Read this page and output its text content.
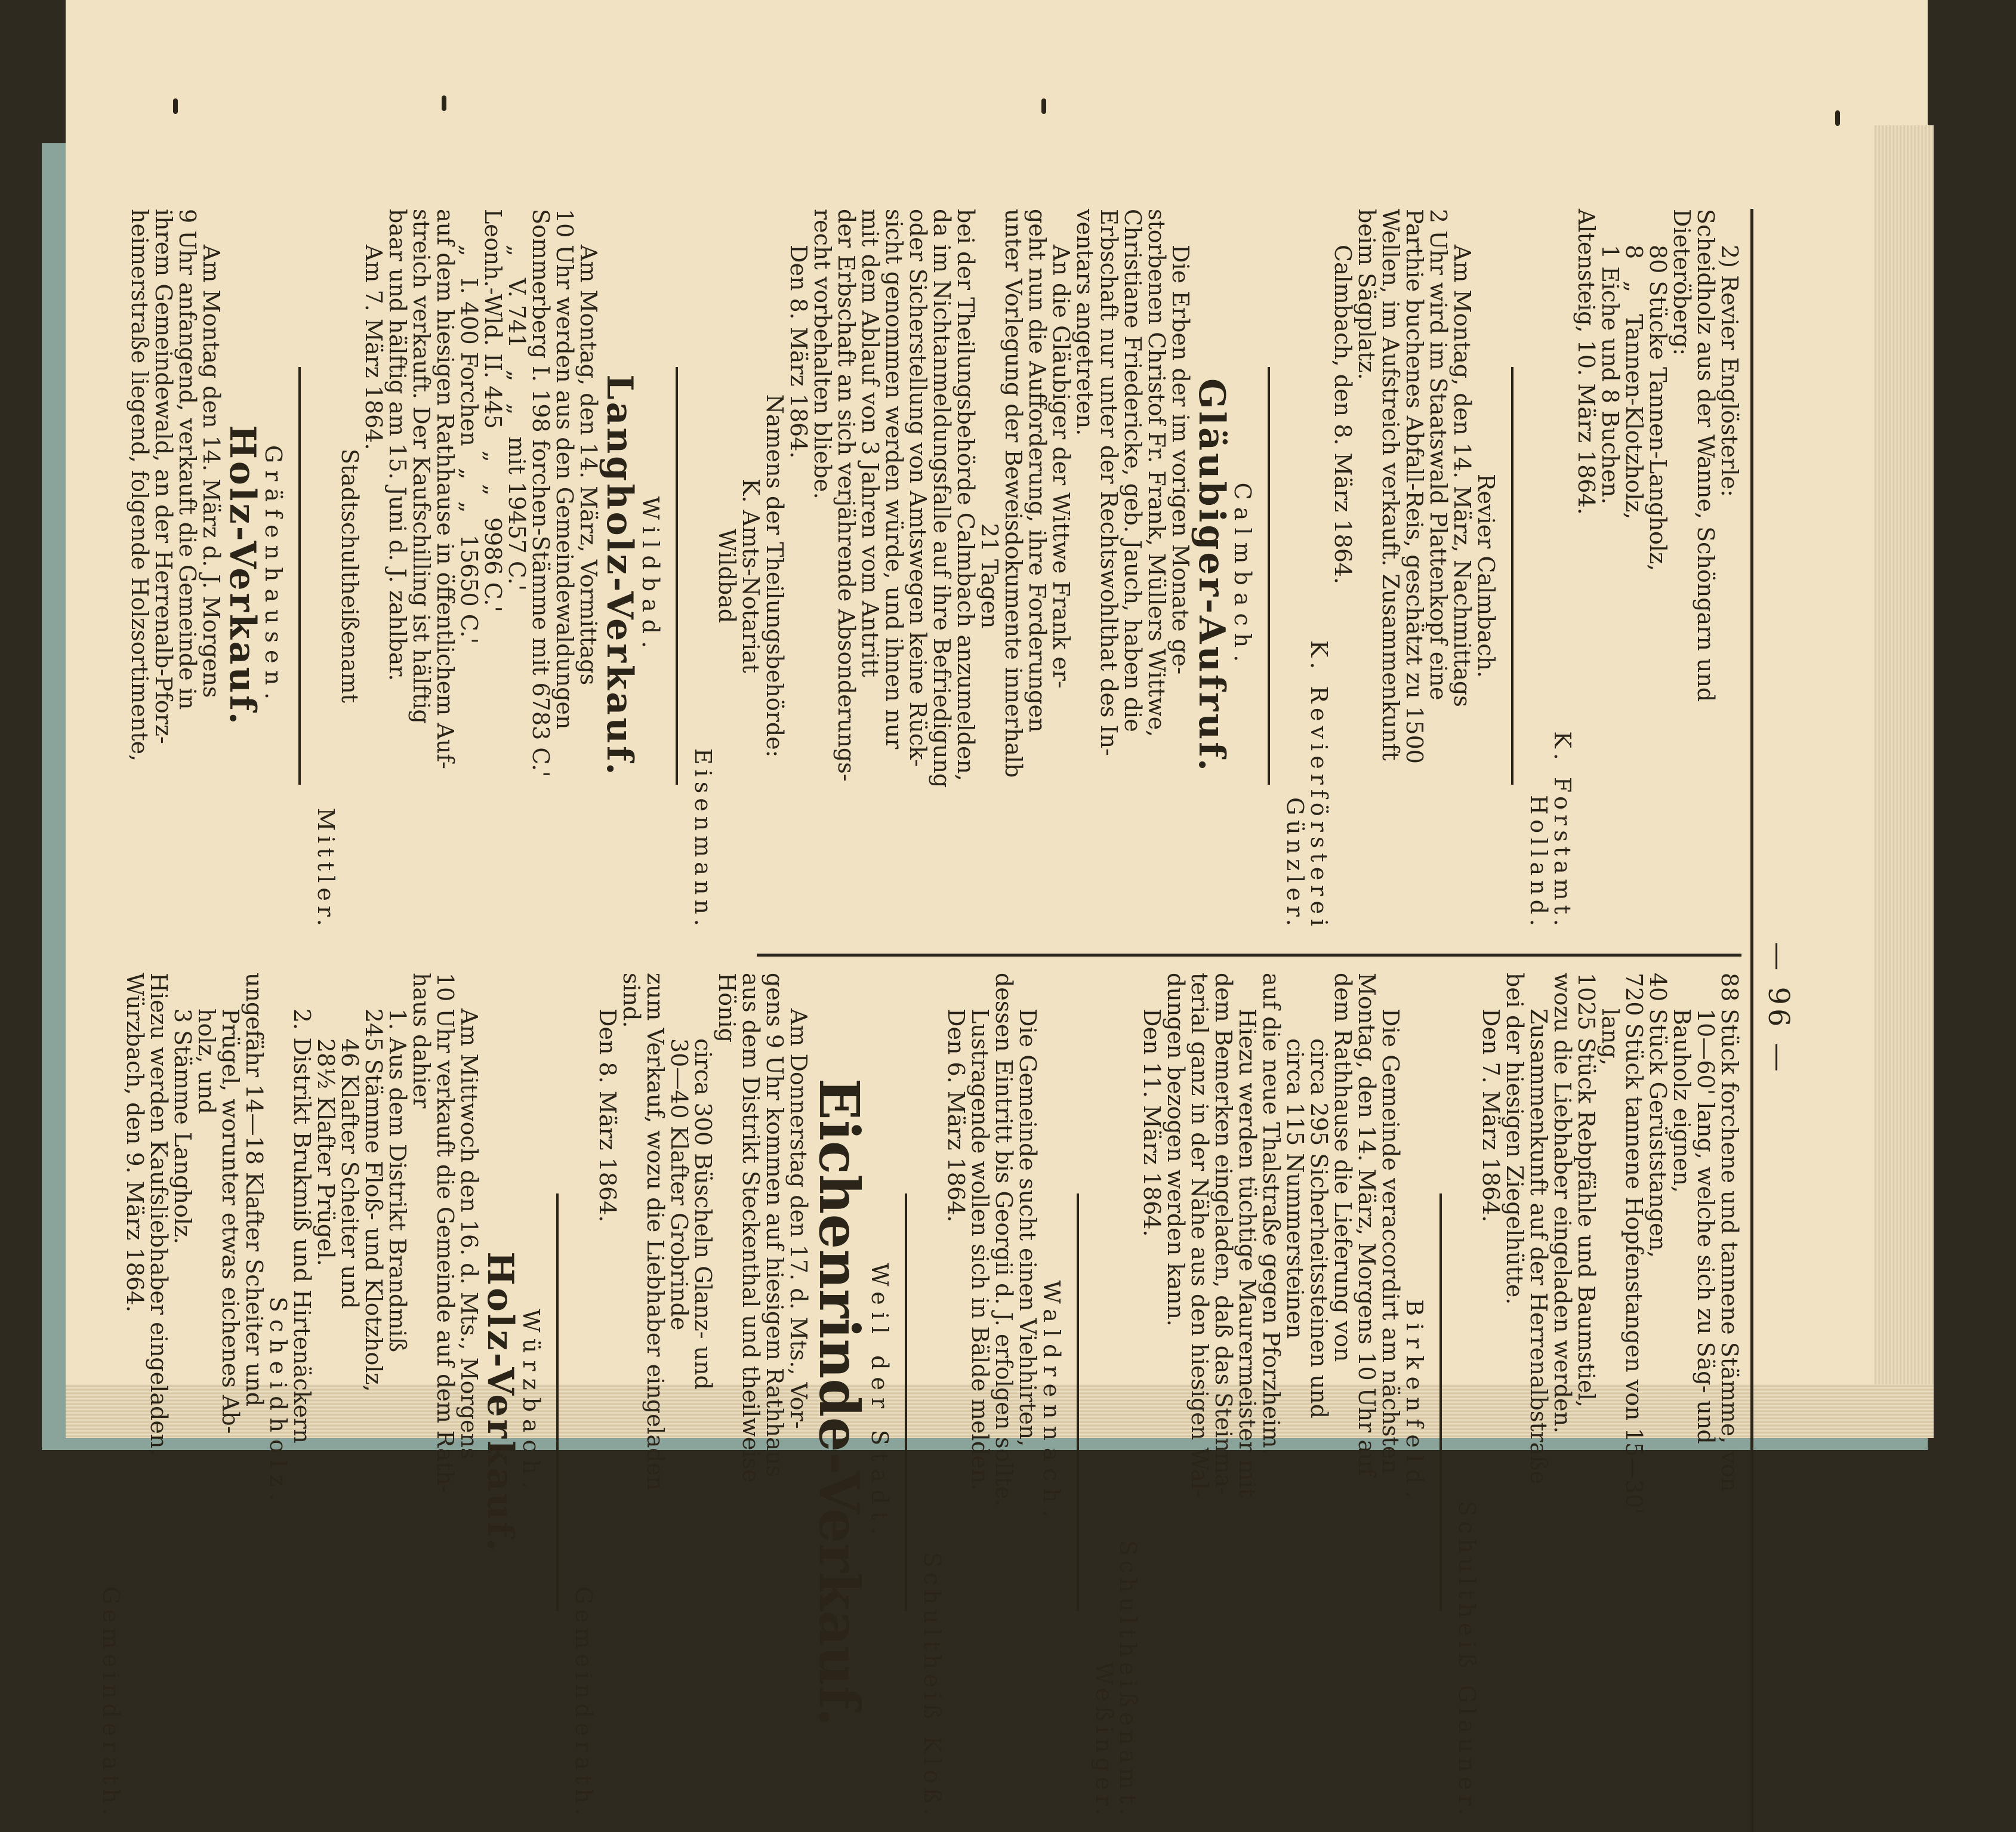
— 96 —
2) Revier Englösterle:
Scheidholz aus der Wanne, Schöngarn und
Dieteröberg:
80 Stücke Tannen-Langholz,
8   „   Tannen-Klotzholz,
1 Eiche und 8 Buchen.
Altensteig, 10. März 1864.
K. Forstamt.
Holland.
Revier Calmbach.
Am Montag, den 14. März, Nachmittags
2 Uhr wird im Staatswald Plattenkopf eine
Parthie buchenes Abfall-Reis, geschätzt zu 1500
Wellen, im Aufstreich verkauft. Zusammenkunft
beim Sägplatz.
Calmbach, den 8. März 1864.
K. Revierförsterei
Günzler.
Calmbach.
Gläubiger-Aufruf.
Die Erben der im vorigen Monate ge-
storbenen Christof Fr. Frank, Müllers Wittwe,
Christiane Friedericke, geb. Jauch, haben die
Erbschaft nur unter der Rechtswohlthat des In-
ventars angetreten.
An die Gläubiger der Wittwe Frank er-
geht nun die Aufforderung, ihre Forderungen
unter Vorlegung der Beweisdokumente innerhalb
21 Tagen
bei der Theilungsbehörde Calmbach anzumelden,
da im Nichtanmeldungsfalle auf ihre Befriedigung
oder Sicherstellung von Amtswegen keine Rück-
sicht genommen werden würde, und ihnen nur
mit dem Ablauf von 3 Jahren vom Antritt
der Erbschaft an sich verjährende Absonderungs-
recht vorbehalten bliebe.
Den 8. März 1864.
Namens der Theilungsbehörde:
K. Amts-Notariat
Wildbad
Eisenmann.
Wildbad.
Langholz-Verkauf.
Am Montag, den 14. März, Vormittags
10 Uhr werden aus den Gemeindewaldungen
Sommerberg I. 198 forchen-Stämme mit 6783 C.'
„   V. 741   „   „   mit 19457 C.'
Leonh.-Wld. II. 445   „   „   9986 C.'
„   I. 400 Forchen   „   „   15650 C.'
auf dem hiesigen Rathhause in öffentlichem Auf-
streich verkauft. Der Kaufschilling ist hälftig
baar und hälftig am 15. Juni d. J. zahlbar.
Am 7. März 1864.
Stadtschultheißenamt
Mittler.
Gräfenhausen.
Holz-Verkauf.
Am Montag den 14. März d. J. Morgens
9 Uhr anfangend, verkauft die Gemeinde in
ihrem Gemeindewald, an der Herrenalb-Pforz-
heimerstraße liegend, folgende Holzsortimente,
88 Stück forchene und tannene Stämme, von
10—60' lang, welche sich zu Säg- und
Bauholz eignen,
40 Stück Gerüststangen,
720 Stück tannene Hopfenstangen von 15—30'
lang,
1025 Stück Rebpfähle und Baumstiel,
wozu die Liebhaber eingeladen werden.
Zusammenkunft auf der Herrenalbstraße
bei der hiesigen Ziegelhütte.
Den 7. März 1864.
Schultheiß Glauner.
Birkenfeld.
Die Gemeinde veraccordirt am nächsten
Montag, den 14. März, Morgens 10 Uhr auf
dem Rathhause die Lieferung von
circa 295 Sicherheitssteinen und
circa 115 Nummersteinen
auf die neue Thalstraße gegen Pforzheim.
Hiezu werden tüchtige Maurermeister mit
dem Bemerken eingeladen, daß das Steinma-
terial ganz in der Nähe aus den hiesigen Wal-
dungen bezogen werden kann.
Den 11. März 1864.
Schultheißenamt.
Weßinger.
Waldrennach.
Die Gemeinde sucht einen Viehhirten,
dessen Eintritt bis Georgii d. J. erfolgen sollte.
Lustragende wollen sich in Bälde melden.
Den 6. März 1864.
Schultheiß Kloß.
Weil der Stadt.
Eichenrinde-Verkauf.
Am Donnerstag den 17. d. Mts., Vor-
gens 9 Uhr kommen auf hiesigem Rathhaus
aus dem Distrikt Steckenthal und theilweise
Hönig
circa 300 Büscheln Glanz- und
30—40 Klafter Grobrinde
zum Verkauf, wozu die Liebhaber eingeladen
sind.
Den 8. März 1864.
Gemeinderath.
Würzbach.
Holz-Verkauf.
Am Mittwoch den 16. d. Mts., Morgens
10 Uhr verkauft die Gemeinde auf dem Rath-
haus dahier
1. Aus dem Distrikt Brandmiß
245 Stämme Floß- und Klotzholz,
46 Klafter Scheiter und
28½ Klafter Prügel.
2. Distrikt Brukmiß und Hirtenäckern
Scheidholz.
ungefähr 14—18 Klafter Scheiter und
Prügel, worunter etwas eichenes Ab-
holz, und
3 Stämme Langholz.
Hiezu werden Kaufsliebhaber eingeladen.
Würzbach, den 9. März 1864.
Gemeinderath.
